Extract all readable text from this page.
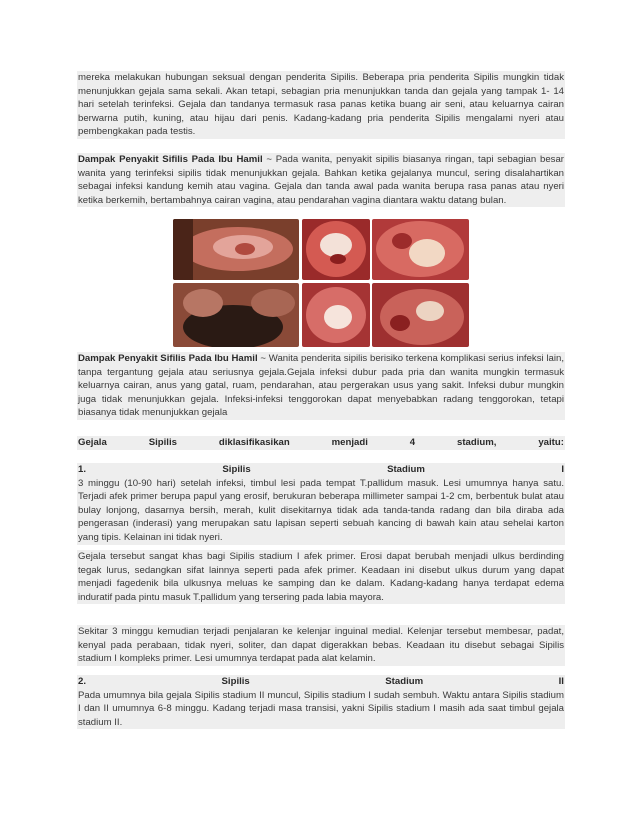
mereka melakukan hubungan seksual dengan penderita Sipilis. Beberapa pria penderita Sipilis mungkin tidak menunjukkan gejala sama sekali. Akan tetapi, sebagian pria menunjukkan tanda dan gejala yang tampak 1- 14 hari setelah terinfeksi. Gejala dan tandanya termasuk rasa panas ketika buang air seni, atau keluarnya cairan berwarna putih, kuning, atau hijau dari penis. Kadang-kadang pria penderita Sipilis mengalami nyeri atau pembengkakan pada testis.

Dampak Penyakit Sifilis Pada Ibu Hamil ~ Pada wanita, penyakit sipilis biasanya ringan, tapi sebagian besar wanita yang terinfeksi sipilis tidak menunjukkan gejala. Bahkan ketika gejalanya muncul, sering disalahartikan sebagai infeksi kandung kemih atau vagina. Gejala dan tanda awal pada wanita berupa rasa panas atau nyeri ketika berkemih, bertambahnya cairan vagina, atau pendarahan vagina diantara waktu datang bulan.

Dampak Penyakit Sifilis Pada Ibu Hamil ~ Wanita penderita sipilis berisiko terkena komplikasi serius infeksi lain, tanpa tergantung gejala atau seriusnya gejala.Gejala infeksi dubur pada pria dan wanita mungkin termasuk keluarnya cairan, anus yang gatal, ruam, pendarahan, atau pergerakan usus yang sakit. Infeksi dubur mungkin juga tidak menunjukkan gejala. Infeksi-infeksi tenggorokan dapat menyebabkan radang tenggorokan, tetapi biasanya tidak menunjukkan gejala

Gejala	Sipilis	diklasifikasikan	menjadi	4	stadium,	yaitu:
1.	Sipilis	Stadium	I

3 minggu (10-90 hari) setelah infeksi, timbul lesi pada tempat T.pallidum masuk. Lesi umumnya hanya satu. Terjadi afek primer berupa papul yang erosif, berukuran beberapa millimeter sampai 1-2 cm, berbentuk bulat atau bulay lonjong, dasarnya bersih, merah, kulit disekitarnya tidak ada tanda-tanda radang dan bila diraba ada pengerasan (inderasi) yang merupakan satu lapisan seperti sebuah kancing di bawah kain atau sehelai karton yang tipis. Kelainan ini tidak nyeri.

Gejala tersebut sangat khas bagi Sipilis stadium I afek primer. Erosi dapat berubah menjadi ulkus berdinding tegak lurus, sedangkan sifat lainnya seperti pada afek primer. Keadaan ini disebut ulkus durum yang dapat menjadi fagedenik bila ulkusnya meluas ke samping dan ke dalam. Kadang-kadang hanya terdapat edema induratif pada pintu masuk T.pallidum yang tersering pada labia mayora.

Sekitar 3 minggu kemudian terjadi penjalaran ke kelenjar inguinal medial. Kelenjar tersebut membesar, padat, kenyal pada perabaan, tidak nyeri, soliter, dan dapat digerakkan bebas. Keadaan itu disebut sebagai Sipilis stadium I kompleks primer. Lesi umumnya terdapat pada alat kelamin.

2.	Sipilis	Stadium	II

Pada umumnya bila gejala Sipilis stadium II muncul, Sipilis stadium I sudah sembuh. Waktu antara Sipilis stadium I dan II umumnya 6-8 minggu. Kadang terjadi masa transisi, yakni Sipilis stadium I masih ada saat timbul gejala stadium II.
